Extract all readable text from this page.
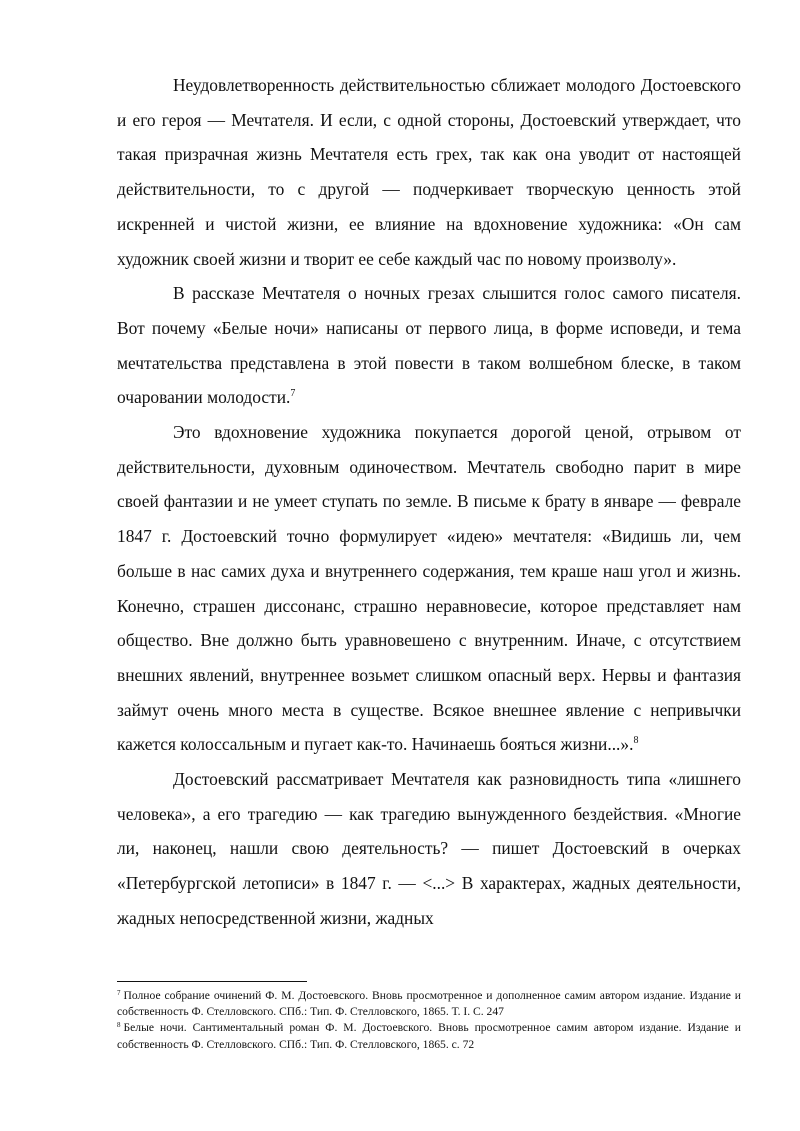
Неудовлетворенность действительностью сближает молодого Достоевского и его героя — Мечтателя. И если, с одной стороны, Достоевский утверждает, что такая призрачная жизнь Мечтателя есть грех, так как она уводит от настоящей действительности, то с другой — подчеркивает творческую ценность этой искренней и чистой жизни, ее влияние на вдохновение художника: «Он сам художник своей жизни и творит ее себе каждый час по новому произволу».

В рассказе Мечтателя о ночных грезах слышится голос самого писателя. Вот почему «Белые ночи» написаны от первого лица, в форме исповеди, и тема мечтательства представлена в этой повести в таком волшебном блеске, в таком очаровании молодости.$^7$

Это вдохновение художника покупается дорогой ценой, отрывом от действительности, духовным одиночеством. Мечтатель свободно парит в мире своей фантазии и не умеет ступать по земле. В письме к брату в январе — феврале 1847 г. Достоевский точно формулирует «идею» мечтателя: «Видишь ли, чем больше в нас самих духа и внутреннего содержания, тем краше наш угол и жизнь. Конечно, страшен диссонанс, страшно неравновесие, которое представляет нам общество. Вне должно быть уравновешено с внутренним. Иначе, с отсутствием внешних явлений, внутреннее возьмет слишком опасный верх. Нервы и фантазия займут очень много места в существе. Всякое внешнее явление с непривычки кажется колоссальным и пугает как-то. Начинаешь бояться жизни...».$^8$

Достоевский рассматривает Мечтателя как разновидность типа «лишнего человека», а его трагедию — как трагедию вынужденного бездействия. «Многие ли, наконец, нашли свою деятельность? — пишет Достоевский в очерках «Петербургской летописи» в 1847 г. — <...> В характерах, жадных деятельности, жадных непосредственной жизни, жадных

$^7$ Полное собрание очинений Ф. М. Достоевского. Вновь просмотренное и дополненное самим автором издание. Издание и собственность Ф. Стелловского. СПб.: Тип. Ф. Стелловского, 1865. Т. I. С. 247

$^8$ Белые ночи. Сантиментальный роман Ф. М. Достоевского. Вновь просмотренное самим автором издание. Издание и собственность Ф. Стелловского. СПб.: Тип. Ф. Стелловского, 1865. с. 72
